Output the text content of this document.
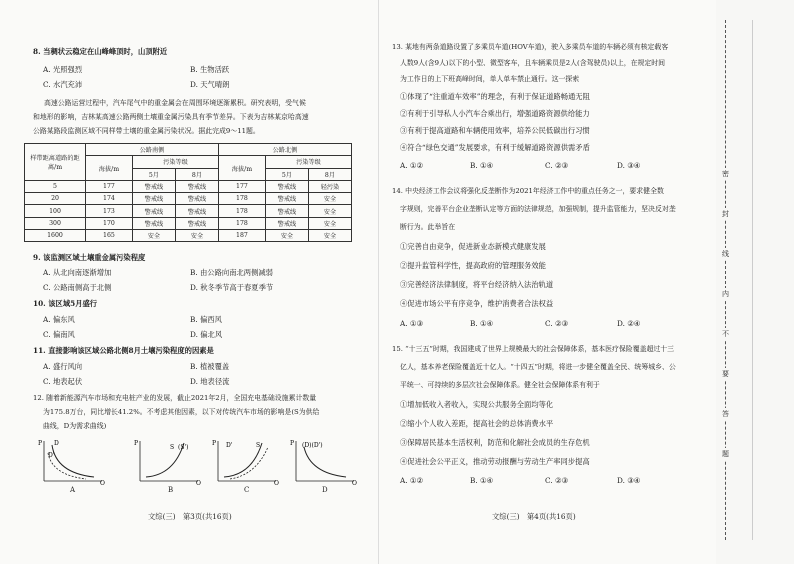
8. 当稠状云稳定在山峰峰顶时，山顶附近
A. 光照强烈	B. 生物活跃
C. 水汽充沛	D. 天气晴朗
高速公路运营过程中，汽车尾气中的重金属会在周围环境逐渐累积。研究表明，受气候
和地形的影响，吉林某高速公路两侧土壤重金属污染具有季节差异。下表为吉林某京哈高速
公路某路段监测区域不同样带土壤的重金属污染状况。据此完成9～11题。
样带距离道路的距离/m	公路南侧			公路北侧		
	海拔/m	污染等级		海拔/m	污染等级	
		5月	8月		5月	8月
5	177	警戒线	警戒线	177	警戒线	轻污染
20	174	警戒线	警戒线	178	警戒线	安全
100	173	警戒线	警戒线	178	警戒线	安全
300	170	警戒线	警戒线	178	警戒线	安全
1600	165	安全	安全	187	安全	安全
9. 该监测区域土壤重金属污染程度
A. 从北向南逐渐增加	B. 由公路向南北两侧减弱
C. 公路南侧高于北侧	D. 秋冬季节高于春夏季节
10. 该区域5月盛行
A. 偏东风	B. 偏西风
C. 偏南风	D. 偏北风
11. 直接影响该区域公路北侧8月土壤污染程度的因素是
A. 盛行风向	B. 植被覆盖
C. 地表起伏	D. 地表径流
12. 随着新能源汽车市场和充电桩产业的发展，截止2021年2月，全国充电基础设施累计数量
为175.8万台，同比增长41.2%。不考虑其他因素，以下对传统汽车市场的影响是(S为供给
曲线，D为需求曲线)
P
Q
D
D'
A
P
Q
S (S')
B
P
Q
D'	S
C
P
Q
(D)(D')
D
文综(三)　第3页(共16页)
13. 某地有两条道路设置了多乘员车道(HOV车道)，驶入多乘员车道的车辆必须有核定载客
人数9人(含9人)以下的小型、微型客车，且车辆乘员是2人(含驾驶员)以上，在规定时间
为工作日的上下班高峰时间，单人单车禁止通行。这一探索
①体现了“注重道车效率”的理念，有利于保证道路畅通无阻
②有利于引导私人小汽车合乘出行，增强道路资源供给能力
③有利于提高道路和车辆使用效率，培养公民低碳出行习惯
④符合“绿色交通”发展要求，有利于缓解道路资源供需矛盾
A. ①②	B. ①④	C. ②③	D. ③④
14. 中央经济工作会议将强化反垄断作为2021年经济工作中的重点任务之一，要求健全数
字规则，完善平台企业垄断认定等方面的法律规范，加强规制，提升监管能力，坚决反对垄
断行为。此举旨在
①完善自由竞争，促进新业态新模式健康发展
②提升监管科学性，提高政府的管理服务效能
③完善经济法律制度，将平台经济纳入法治轨道
④促进市场公平有序竞争，维护消费者合法权益
A. ①③	B. ①④	C. ②③	D. ②④
15. “十三五”时期，我国建成了世界上规模最大的社会保障体系，基本医疗保险覆盖超过十三
亿人，基本养老保险覆盖近十亿人。“十四五”时期，将进一步健全覆盖全民、统筹城乡、公
平统一、可持续的多层次社会保障体系。健全社会保障体系有利于
①增加低收入者收入，实现公共服务全面均等化
②缩小个人收入差距，提高社会的总体消费水平
③保障居民基本生活权利，防范和化解社会成员的生存危机
④促进社会公平正义，推动劳动报酬与劳动生产率同步提高
A. ①②	B. ①④	C. ②③	D. ③④
文综(三)　第4页(共16页)
密
封
线
内
不
要
答
题
